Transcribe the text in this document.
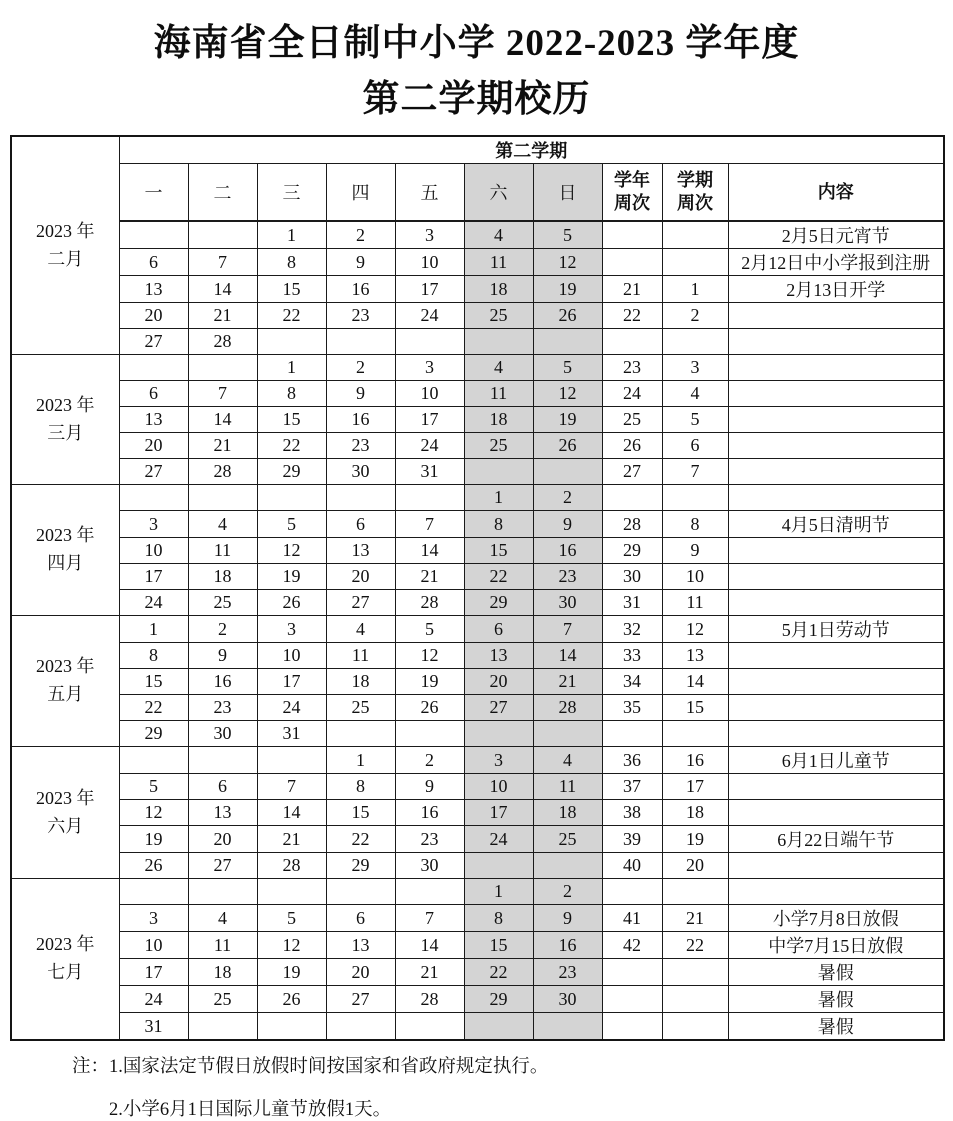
海南省全日制中小学 2022-2023 学年度
第二学期校历
2023 年
二月	第二学期									
	一	二	三	四	五	六	日	学年周次	学期周次	内容
			1	2	3	4	5			2月5日元宵节
	6	7	8	9	10	11	12			2月12日中小学报到注册
	13	14	15	16	17	18	19	21	1	2月13日开学
	20	21	22	23	24	25	26	22	2	
	27	28								

2023 年
三月			1	2	3	4	5	23	3	
	6	7	8	9	10	11	12	24	4	
	13	14	15	16	17	18	19	25	5	
	20	21	22	23	24	25	26	26	6	
	27	28	29	30	31			27	7	

2023 年
四月						1	2			
	3	4	5	6	7	8	9	28	8	4月5日清明节
	10	11	12	13	14	15	16	29	9	
	17	18	19	20	21	22	23	30	10	
	24	25	26	27	28	29	30	31	11	

2023 年
五月	1	2	3	4	5	6	7	32	12	5月1日劳动节
	8	9	10	11	12	13	14	33	13	
	15	16	17	18	19	20	21	34	14	
	22	23	24	25	26	27	28	35	15	
	29	30	31							

2023 年
六月				1	2	3	4	36	16	6月1日儿童节
	5	6	7	8	9	10	11	37	17	
	12	13	14	15	16	17	18	38	18	
	19	20	21	22	23	24	25	39	19	6月22日端午节
	26	27	28	29	30			40	20	

2023 年
七月						1	2			
	3	4	5	6	7	8	9	41	21	小学7月8日放假
	10	11	12	13	14	15	16	42	22	中学7月15日放假
	17	18	19	20	21	22	23			暑假
	24	25	26	27	28	29	30			暑假
	31									暑假
注：1.国家法定节假日放假时间按国家和省政府规定执行。
2.小学6月1日国际儿童节放假1天。
